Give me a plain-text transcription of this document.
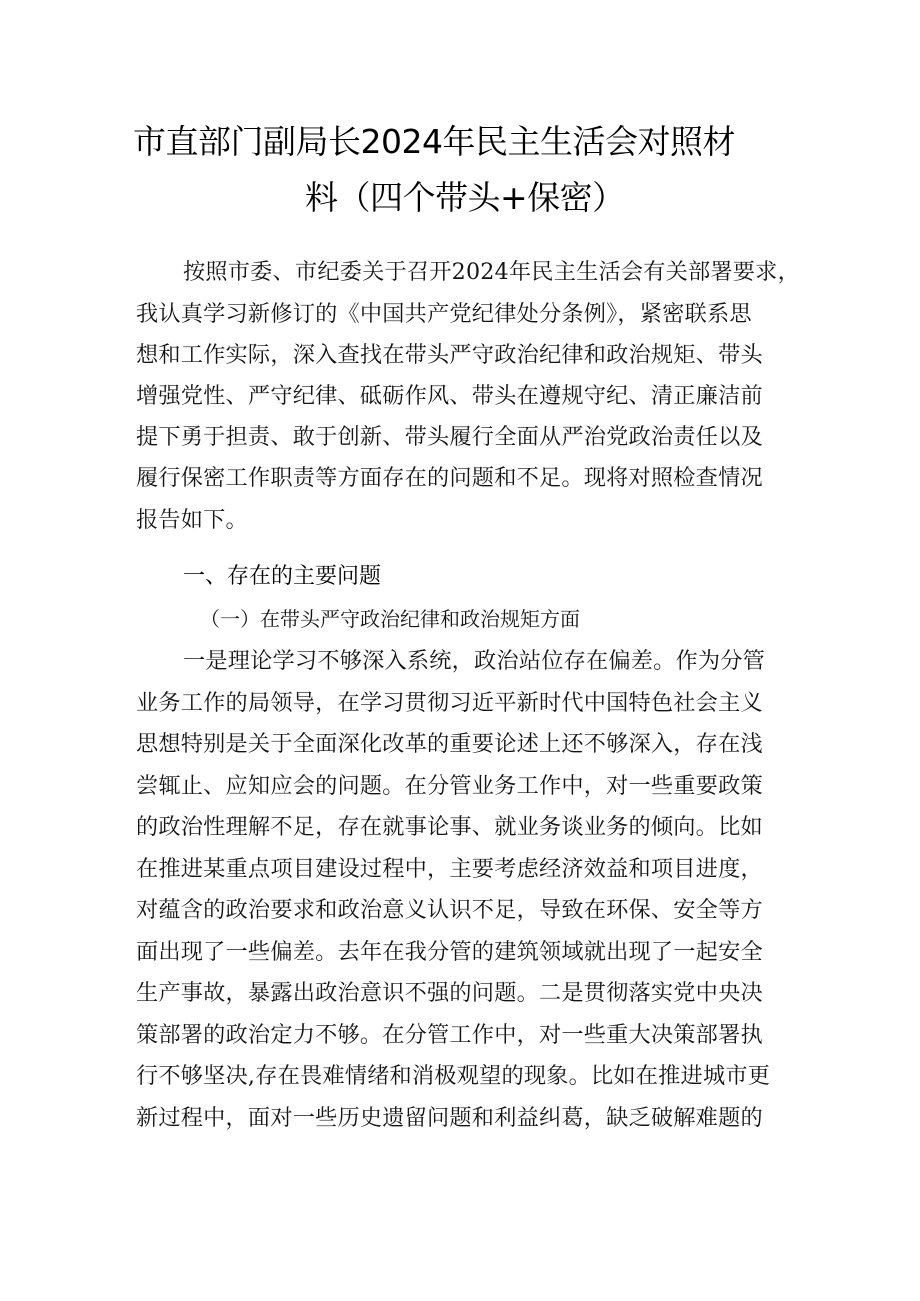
市直部门副局长2024年民主生活会对照材
料（四个带头+保密）
按照市委、市纪委关于召开2024年民主生活会有关部署要求，
我认真学习新修订的《中国共产党纪律处分条例》，紧密联系思
想和工作实际，深入查找在带头严守政治纪律和政治规矩、带头
增强党性、严守纪律、砥砺作风、带头在遵规守纪、清正廉洁前
提下勇于担责、敢于创新、带头履行全面从严治党政治责任以及
履行保密工作职责等方面存在的问题和不足。现将对照检查情况
报告如下。
一、存在的主要问题
（一）在带头严守政治纪律和政治规矩方面
一是理论学习不够深入系统，政治站位存在偏差。作为分管
业务工作的局领导，在学习贯彻习近平新时代中国特色社会主义
思想特别是关于全面深化改革的重要论述上还不够深入，存在浅
尝辄止、应知应会的问题。在分管业务工作中，对一些重要政策
的政治性理解不足，存在就事论事、就业务谈业务的倾向。比如
在推进某重点项目建设过程中，主要考虑经济效益和项目进度，
对蕴含的政治要求和政治意义认识不足，导致在环保、安全等方
面出现了一些偏差。去年在我分管的建筑领域就出现了一起安全
生产事故，暴露出政治意识不强的问题。二是贯彻落实党中央决
策部署的政治定力不够。在分管工作中，对一些重大决策部署执
行不够坚决,存在畏难情绪和消极观望的现象。比如在推进城市更
新过程中，面对一些历史遗留问题和利益纠葛，缺乏破解难题的
